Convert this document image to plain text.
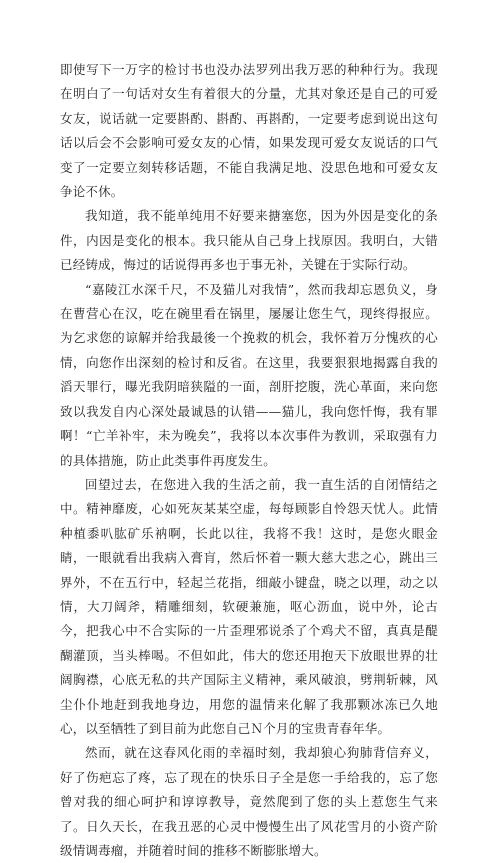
即使写下一万字的检讨书也没办法罗列出我万恶的种种行为。我现在明白了一句话对女生有着很大的分量，尤其对象还是自己的可爱女友，说话就一定要斟酌、斟酌、再斟酌，一定要考虑到说出这句话以后会不会影响可爱女友的心情，如果发现可爱女友说话的口气变了一定要立刻转移话题，不能自我满足地、没思色地和可爱女友争论不休。

我知道，我不能单纯用不好要来搪塞您，因为外因是变化的条件，内因是变化的根本。我只能从自己身上找原因。我明白，大错已经铸成，悔过的话说得再多也于事无补，关键在于实际行动。

“嘉陵江水深千尺，不及猫儿对我情”，然而我却忘恩负义，身在曹营心在汉，吃在碗里看在锅里，屡屡让您生气，现终得报应。为乞求您的谅解并给我最後一个挽救的机会，我怀着万分愧疚的心情，向您作出深刻的检讨和反省。在这里，我要狠狠地揭露自我的滔天罪行，曝光我阴暗狭隘的一面，剖肝挖腹，洗心革面，来向您致以我发自内心深处最诚恳的认错——猫儿，我向您忏悔，我有罪啊！“亡羊补牢，未为晚矣”，我将以本次事件为教训，采取强有力的具体措施，防止此类事件再度发生。

回望过去，在您进入我的生活之前，我一直生活的自闭情结之中。精神靡废，心如死灰某某空虚，每每顾影自怜怨天忧人。此情种植黍叭肱矿乐衲啊，长此以往，我将不我！这时，是您火眼金睛，一眼就看出我病入膏肓，然后怀着一颗大慈大悲之心，跳出三界外，不在五行中，轻起兰花指，细敲小键盘，晓之以理，动之以情，大刀阔斧，精雕细刻，软硬兼施，呕心沥血，说中外，论古今，把我心中不合实际的一片歪理邪说杀了个鸡犬不留，真真是醍醐灌顶，当头棒喝。不但如此，伟大的您还用抱天下放眼世界的壮阔胸襟，心底无私的共产国际主义精神，乘风破浪，劈荆斩棘，风尘仆仆地赶到我地身边，用您的温情来化解了我那颗冰冻已久地心，以至牺牲了到目前为此您自己Ｎ个月的宝贵青春年华。

然而，就在这春风化雨的幸福时刻，我却狼心狗肺背信弃义，好了伤疤忘了疼，忘了现在的快乐日子全是您一手给我的，忘了您曾对我的细心呵护和谆谆教导，竟然爬到了您的头上惹您生气来了。日久天长，在我丑恶的心灵中慢慢生出了风花雪月的小资产阶级情调毒瘤，并随着时间的推移不断膨胀增大。
